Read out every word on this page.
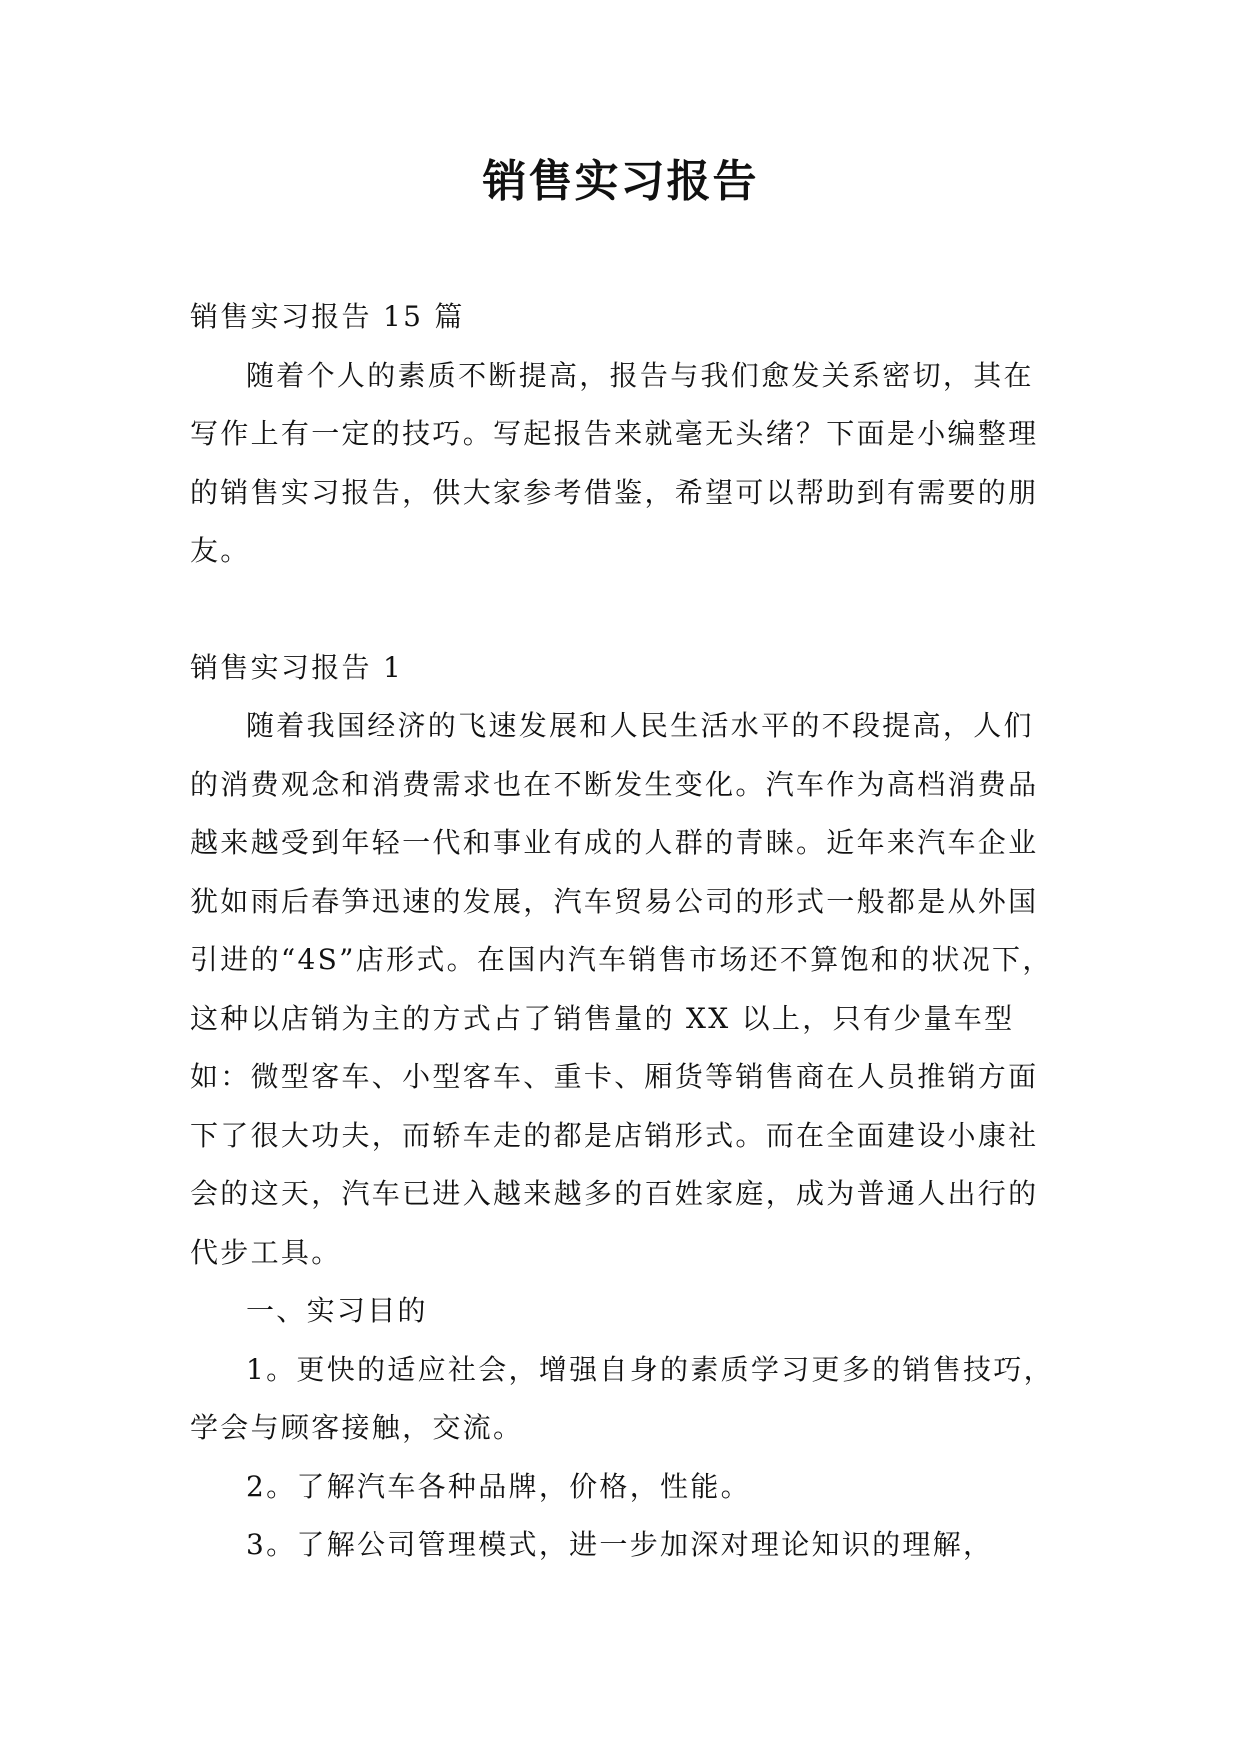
销售实习报告

销售实习报告 15 篇

随着个人的素质不断提高，报告与我们愈发关系密切，其在写作上有一定的技巧。写起报告来就毫无头绪？下面是小编整理的销售实习报告，供大家参考借鉴，希望可以帮助到有需要的朋友。

销售实习报告 1

随着我国经济的飞速发展和人民生活水平的不段提高，人们的消费观念和消费需求也在不断发生变化。汽车作为高档消费品越来越受到年轻一代和事业有成的人群的青睐。近年来汽车企业犹如雨后春笋迅速的发展，汽车贸易公司的形式一般都是从外国引进的“4S”店形式。在国内汽车销售市场还不算饱和的状况下，这种以店销为主的方式占了销售量的 XX 以上，只有少量车型如：微型客车、小型客车、重卡、厢货等销售商在人员推销方面下了很大功夫，而轿车走的都是店销形式。而在全面建设小康社会的这天，汽车已进入越来越多的百姓家庭，成为普通人出行的代步工具。

一、实习目的

1。更快的适应社会，增强自身的素质学习更多的销售技巧，学会与顾客接触，交流。

2。了解汽车各种品牌，价格，性能。

3。了解公司管理模式，进一步加深对理论知识的理解，
